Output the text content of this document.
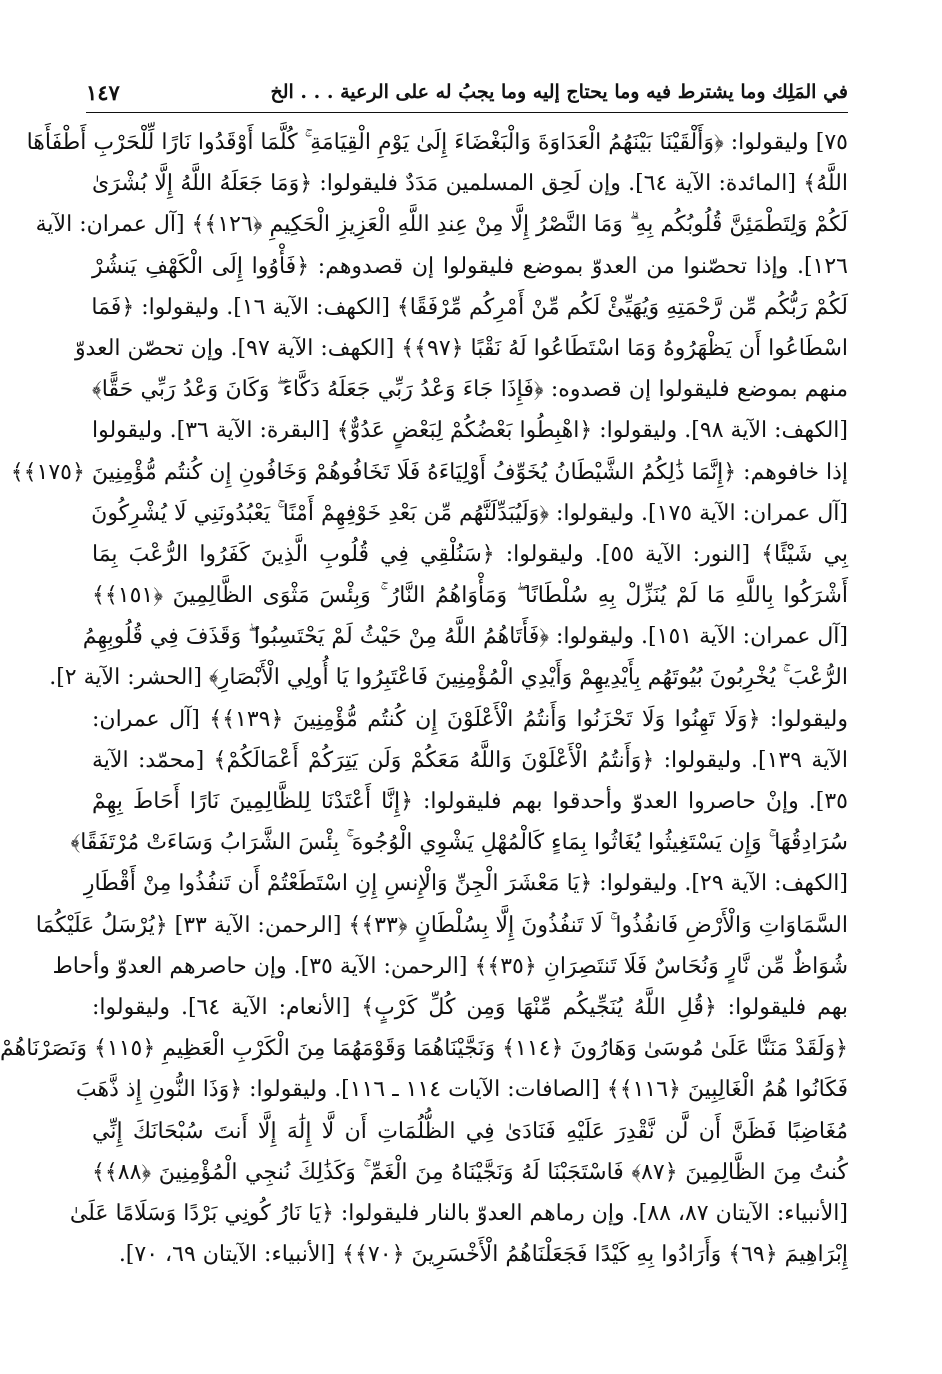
في المَلِك وما يشترط فيه وما يحتاج إليه وما يجبُ له على الرعية . . . الخ
١٤٧
٧٥] وليقولوا: ﴿وَأَلْقَيْنَا بَيْنَهُمُ الْعَدَاوَةَ وَالْبَغْضَاءَ إِلَىٰ يَوْمِ الْقِيَامَةِ ۚ كُلَّمَا أَوْقَدُوا نَارًا لِّلْحَرْبِ أَطْفَأَهَا
اللَّهُ﴾ [المائدة: الآية ٦٤]. وإن لَحِق المسلمين مَدَدٌ فليقولوا: ﴿وَمَا جَعَلَهُ اللَّهُ إِلَّا بُشْرَىٰ
لَكُمْ وَلِتَطْمَئِنَّ قُلُوبُكُم بِهِ ۗ وَمَا النَّصْرُ إِلَّا مِنْ عِندِ اللَّهِ الْعَزِيزِ الْحَكِيمِ ﴿١٢٦﴾﴾ [آل عمران: الآية
١٢٦]. وإذا تحصّنوا من العدوّ بموضع فليقولوا إن قصدوهم: ﴿فَأْوُوا إِلَى الْكَهْفِ يَنشُرْ
لَكُمْ رَبُّكُم مِّن رَّحْمَتِهِ وَيُهَيِّئْ لَكُم مِّنْ أَمْرِكُم مِّرْفَقًا﴾ [الكهف: الآية ١٦]. وليقولوا: ﴿فَمَا
اسْطَاعُوا أَن يَظْهَرُوهُ وَمَا اسْتَطَاعُوا لَهُ نَقْبًا ﴿٩٧﴾﴾ [الكهف: الآية ٩٧]. وإن تحصّن العدوّ
منهم بموضع فليقولوا إن قصدوه: ﴿فَإِذَا جَاءَ وَعْدُ رَبِّي جَعَلَهُ دَكَّاءَ ۖ وَكَانَ وَعْدُ رَبِّي حَقًّا﴾
[الكهف: الآية ٩٨]. وليقولوا: ﴿اهْبِطُوا بَعْضُكُمْ لِبَعْضٍ عَدُوٌّ﴾ [البقرة: الآية ٣٦]. وليقولوا
إذا خافوهم: ﴿إِنَّمَا ذَٰلِكُمُ الشَّيْطَانُ يُخَوِّفُ أَوْلِيَاءَهُ فَلَا تَخَافُوهُمْ وَخَافُونِ إِن كُنتُم مُّؤْمِنِينَ ﴿١٧٥﴾﴾
[آل عمران: الآية ١٧٥]. وليقولوا: ﴿وَلَيُبَدِّلَنَّهُم مِّن بَعْدِ خَوْفِهِمْ أَمْنًا ۚ يَعْبُدُونَنِي لَا يُشْرِكُونَ
بِي شَيْئًا﴾ [النور: الآية ٥٥]. وليقولوا: ﴿سَنُلْقِي فِي قُلُوبِ الَّذِينَ كَفَرُوا الرُّعْبَ بِمَا
أَشْرَكُوا بِاللَّهِ مَا لَمْ يُنَزِّلْ بِهِ سُلْطَانًا ۖ وَمَأْوَاهُمُ النَّارُ ۚ وَبِئْسَ مَثْوَى الظَّالِمِينَ ﴿١٥١﴾﴾
[آل عمران: الآية ١٥١]. وليقولوا: ﴿فَأَتَاهُمُ اللَّهُ مِنْ حَيْثُ لَمْ يَحْتَسِبُوا ۖ وَقَذَفَ فِي قُلُوبِهِمُ
الرُّعْبَ ۚ يُخْرِبُونَ بُيُوتَهُم بِأَيْدِيهِمْ وَأَيْدِي الْمُؤْمِنِينَ فَاعْتَبِرُوا يَا أُولِي الْأَبْصَارِ﴾ [الحشر: الآية ٢].
وليقولوا: ﴿وَلَا تَهِنُوا وَلَا تَحْزَنُوا وَأَنتُمُ الْأَعْلَوْنَ إِن كُنتُم مُّؤْمِنِينَ ﴿١٣٩﴾﴾ [آل عمران:
الآية ١٣٩]. وليقولوا: ﴿وَأَنتُمُ الْأَعْلَوْنَ وَاللَّهُ مَعَكُمْ وَلَن يَتِرَكُمْ أَعْمَالَكُمْ﴾ [محمّد: الآية
٣٥]. وإنْ حاصروا العدوّ وأحدقوا بهم فليقولوا: ﴿إِنَّا أَعْتَدْنَا لِلظَّالِمِينَ نَارًا أَحَاطَ بِهِمْ
سُرَادِقُهَا ۚ وَإِن يَسْتَغِيثُوا يُغَاثُوا بِمَاءٍ كَالْمُهْلِ يَشْوِي الْوُجُوهَ ۚ بِئْسَ الشَّرَابُ وَسَاءَتْ مُرْتَفَقًا﴾
[الكهف: الآية ٢٩]. وليقولوا: ﴿يَا مَعْشَرَ الْجِنِّ وَالْإِنسِ إِنِ اسْتَطَعْتُمْ أَن تَنفُذُوا مِنْ أَقْطَارِ
السَّمَاوَاتِ وَالْأَرْضِ فَانفُذُوا ۚ لَا تَنفُذُونَ إِلَّا بِسُلْطَانٍ ﴿٣٣﴾﴾ [الرحمن: الآية ٣٣] ﴿يُرْسَلُ عَلَيْكُمَا
شُوَاظٌ مِّن نَّارٍ وَنُحَاسٌ فَلَا تَنتَصِرَانِ ﴿٣٥﴾﴾ [الرحمن: الآية ٣٥]. وإن حاصرهم العدوّ وأحاط
بهم فليقولوا: ﴿قُلِ اللَّهُ يُنَجِّيكُم مِّنْهَا وَمِن كُلِّ كَرْبٍ﴾ [الأنعام: الآية ٦٤]. وليقولوا:
﴿وَلَقَدْ مَنَنَّا عَلَىٰ مُوسَىٰ وَهَارُونَ ﴿١١٤﴾ وَنَجَّيْنَاهُمَا وَقَوْمَهُمَا مِنَ الْكَرْبِ الْعَظِيمِ ﴿١١٥﴾ وَنَصَرْنَاهُمْ
فَكَانُوا هُمُ الْغَالِبِينَ ﴿١١٦﴾﴾ [الصافات: الآيات ١١٤ ـ ١١٦]. وليقولوا: ﴿وَذَا النُّونِ إِذ ذَّهَبَ
مُغَاضِبًا فَظَنَّ أَن لَّن نَّقْدِرَ عَلَيْهِ فَنَادَىٰ فِي الظُّلُمَاتِ أَن لَّا إِلَٰهَ إِلَّا أَنتَ سُبْحَانَكَ إِنِّي
كُنتُ مِنَ الظَّالِمِينَ ﴿٨٧﴾ فَاسْتَجَبْنَا لَهُ وَنَجَّيْنَاهُ مِنَ الْغَمِّ ۚ وَكَذَٰلِكَ نُنجِي الْمُؤْمِنِينَ ﴿٨٨﴾﴾
[الأنبياء: الآيتان ٨٧، ٨٨]. وإن رماهم العدوّ بالنار فليقولوا: ﴿يَا نَارُ كُونِي بَرْدًا وَسَلَامًا عَلَىٰ
إِبْرَاهِيمَ ﴿٦٩﴾ وَأَرَادُوا بِهِ كَيْدًا فَجَعَلْنَاهُمُ الْأَخْسَرِينَ ﴿٧٠﴾﴾ [الأنبياء: الآيتان ٦٩، ٧٠].
